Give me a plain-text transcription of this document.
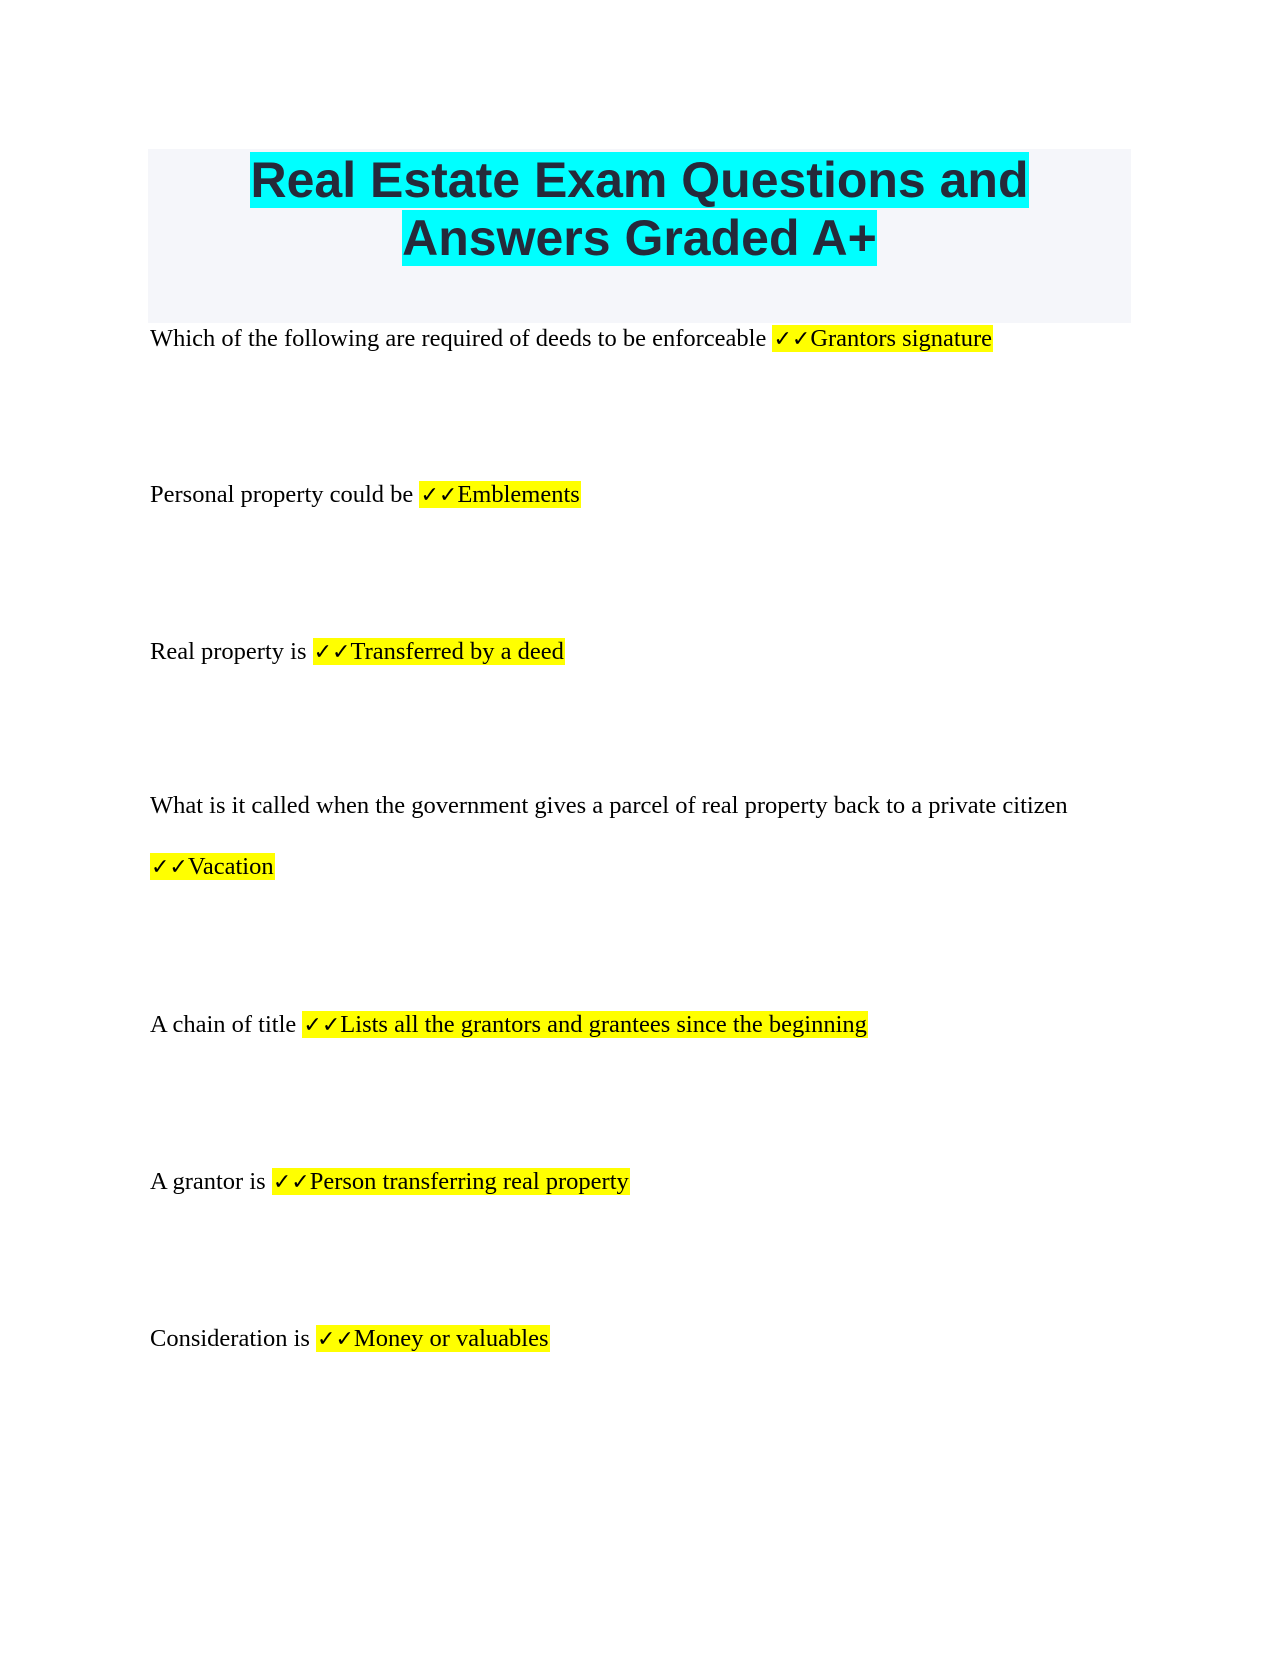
Real Estate Exam Questions and
Answers Graded A+
Which of the following are required of deeds to be enforceable ✓✓Grantors signature
Personal property could be ✓✓Emblements
Real property is ✓✓Transferred by a deed
What is it called when the government gives a parcel of real property back to a private citizen
✓✓Vacation
A chain of title ✓✓Lists all the grantors and grantees since the beginning
A grantor is ✓✓Person transferring real property
Consideration is ✓✓Money or valuables
